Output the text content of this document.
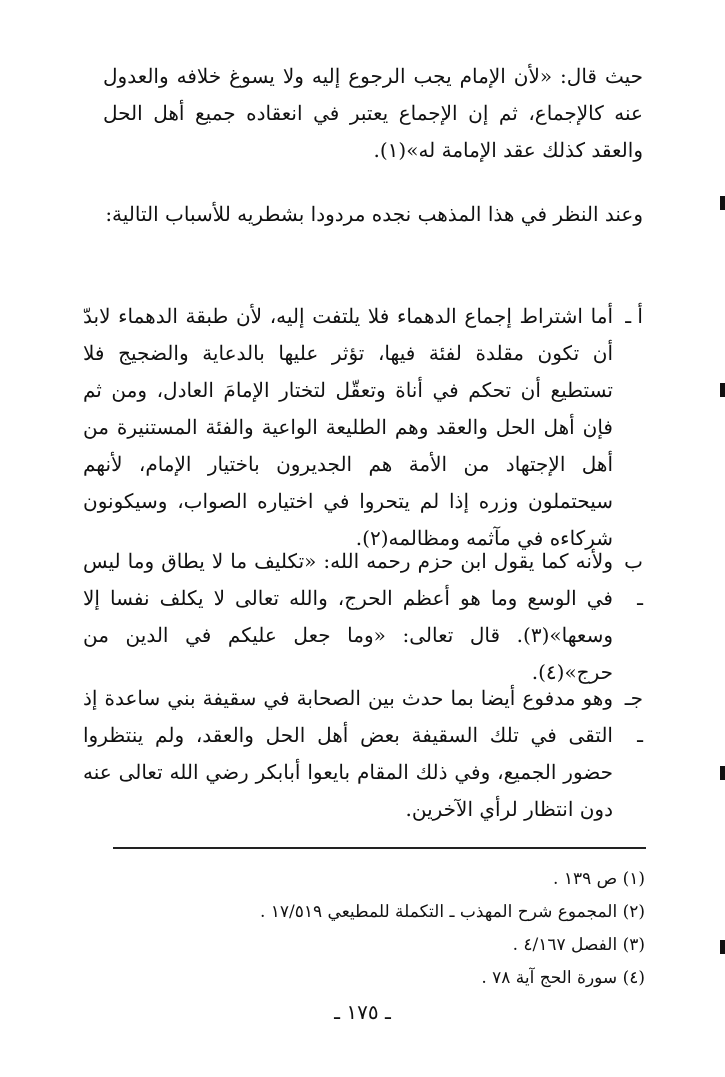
حيث قال: «لأن الإمام يجب الرجوع إليه ولا يسوغ خلافه والعدول عنه كالإجماع، ثم إن الإجماع يعتبر في انعقاده جميع أهل الحل والعقد كذلك عقد الإمامة له»(١).

وعند النظر في هذا المذهب نجده مردودا بشطريه للأسباب التالية:

أ ـ
أما اشتراط إجماع الدهماء فلا يلتفت إليه، لأن طبقة الدهماء لابدّ أن تكون مقلدة لفئة فيها، تؤثر عليها بالدعاية والضجيج فلا تستطيع أن تحكم في أناة وتعقّل لتختار الإمامَ العادل، ومن ثم فإن أهل الحل والعقد وهم الطليعة الواعية والفئة المستنيرة من أهل الإجتهاد من الأمة هم الجديرون باختيار الإمام، لأنهم سيحتملون وزره إذا لم يتحروا في اختياره الصواب، وسيكونون شركاءه في مآثمه ومظالمه(٢).
ب ـ
ولأنه كما يقول ابن حزم رحمه الله: «تكليف ما لا يطاق وما ليس في الوسع وما هو أعظم الحرج، والله تعالى لا يكلف نفسا إلا وسعها»(٣). قال تعالى: «وما جعل عليكم في الدين من حرج»(٤).
جـ ـ
وهو مدفوع أيضا بما حدث بين الصحابة في سقيفة بني ساعدة إذ التقى في تلك السقيفة بعض أهل الحل والعقد، ولم ينتظروا حضور الجميع، وفي ذلك المقام بايعوا أبابكر رضي الله تعالى عنه دون انتظار لرأي الآخرين.
(١) ص ١٣٩ .
(٢) المجموع شرح المهذب ـ التكملة للمطيعي ١٧/٥١٩ .
(٣) الفصل ٤/١٦٧ .
(٤) سورة الحج آية ٧٨ .
ـ ١٧٥ ـ
